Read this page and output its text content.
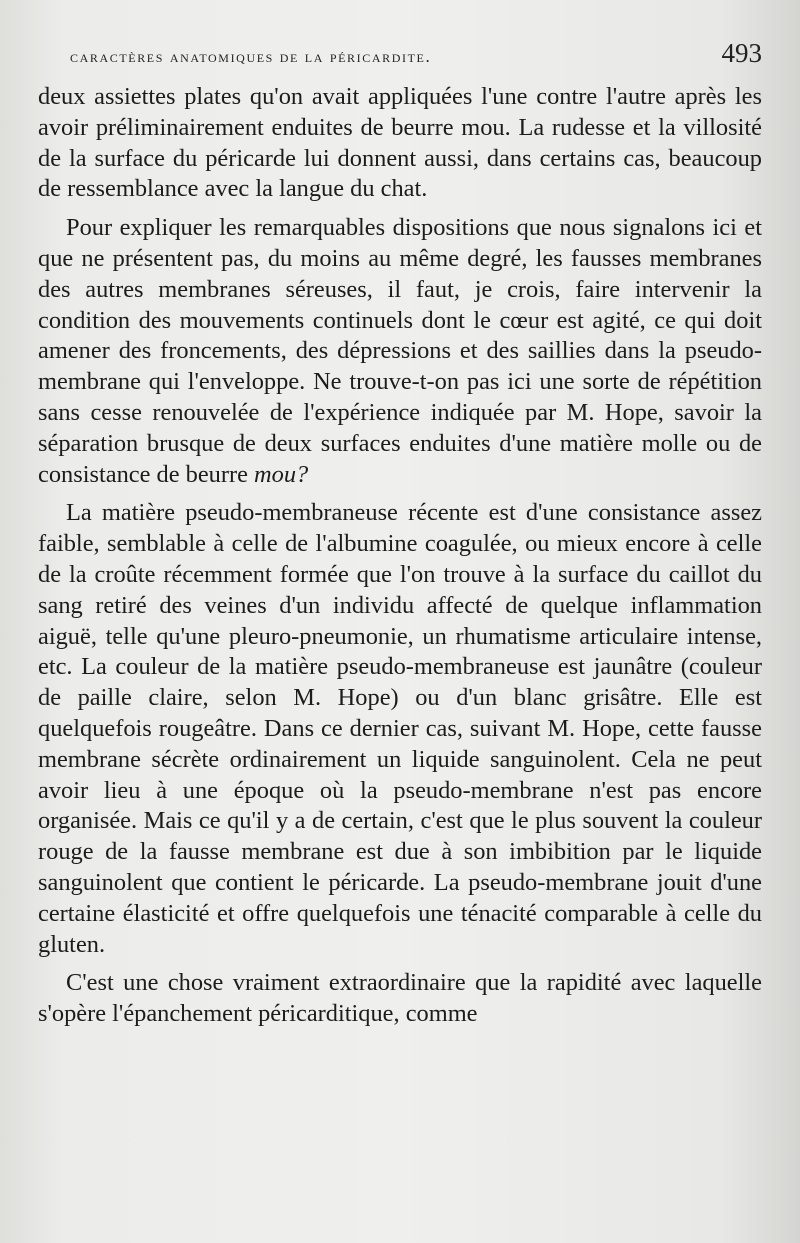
caractères anatomiques de la péricardite.	493

deux assiettes plates qu'on avait appliquées l'une contre l'autre après les avoir préliminairement enduites de beurre mou. La rudesse et la villosité de la surface du péricarde lui donnent aussi, dans certains cas, beaucoup de ressemblance avec la langue du chat.

Pour expliquer les remarquables dispositions que nous signalons ici et que ne présentent pas, du moins au même degré, les fausses membranes des autres membranes séreuses, il faut, je crois, faire intervenir la condition des mouvements continuels dont le cœur est agité, ce qui doit amener des froncements, des dépressions et des saillies dans la pseudo-membrane qui l'enveloppe. Ne trouve-t-on pas ici une sorte de répétition sans cesse renouvelée de l'expérience indiquée par M. Hope, savoir la séparation brusque de deux surfaces enduites d'une matière molle ou de consistance de beurre mou?

La matière pseudo-membraneuse récente est d'une consistance assez faible, semblable à celle de l'albumine coagulée, ou mieux encore à celle de la croûte récemment formée que l'on trouve à la surface du caillot du sang retiré des veines d'un individu affecté de quelque inflammation aiguë, telle qu'une pleuro-pneumonie, un rhumatisme articulaire intense, etc. La couleur de la matière pseudo-membraneuse est jaunâtre (couleur de paille claire, selon M. Hope) ou d'un blanc grisâtre. Elle est quelquefois rougeâtre. Dans ce dernier cas, suivant M. Hope, cette fausse membrane sécrète ordinairement un liquide sanguinolent. Cela ne peut avoir lieu à une époque où la pseudo-membrane n'est pas encore organisée. Mais ce qu'il y a de certain, c'est que le plus souvent la couleur rouge de la fausse membrane est due à son imbibition par le liquide sanguinolent que contient le péricarde. La pseudo-membrane jouit d'une certaine élasticité et offre quelquefois une ténacité comparable à celle du gluten.

C'est une chose vraiment extraordinaire que la rapidité avec laquelle s'opère l'épanchement péricarditique, comme
